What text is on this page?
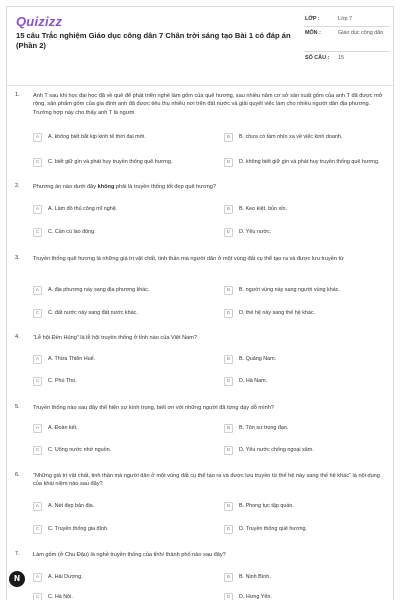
Quizizz
15 câu Trắc nghiệm Giáo dục công dân 7 Chân trời sáng tạo Bài 1 có đáp án (Phần 2)
LỚP :	Lớp 7
MÔN :	Giáo dục công dân
SỐ CÂU :	15
1. Anh T sau khi học đại học đã về quê để phát triển nghề làm gốm của quê hương, sau nhiều năm cơ sở sản xuất gốm của anh T đã được mở rộng, sản phẩm gốm của gia đình anh đã được tiêu thụ nhiều nơi trên đất nước và giải quyết việc làm cho nhiều người dân địa phương. Trường hợp này cho thấy anh T là người
A	A. không biết bắt kịp kinh tế thời đại mới.	B	B. chưa có tầm nhìn xa về việc kinh doanh.
C	C. biết giữ gìn và phát huy truyền thống quê hương.	D	D. không biết giữ gìn và phát huy truyền thống quê hương.
2. Phương án nào dưới đây không phải là truyền thống tốt đẹp quê hương?
A	A. Làm đồ thủ công mĩ nghệ.	B	B. Keo kiệt, bủn xỉn.
C	C. Cần cù lao động.	D	D. Yêu nước.
3. Truyền thống quê hương là những giá trị vật chất, tinh thần mà người dân ở một vùng đất cụ thể tạo ra và được lưu truyền từ
A	A. địa phương này sang địa phương khác.	B	B. người vùng này sang người vùng khác.
C	C. đất nước này sang đất nước khác.	D	D. thế hệ này sang thế hệ khác.
4. “Lễ hội Đền Hùng” là lễ hội truyền thống ở tỉnh nào của Việt Nam?
A	A. Thừa Thiên Huế.	B	B. Quảng Nam.
C	C. Phú Thọ.	D	D. Hà Nam.
5. Truyền thống nào sau đây thể hiện sự kính trọng, biết ơn với những người đã từng dạy dỗ mình?
A	A. Đoàn kết.	B	B. Tôn sư trọng đạo.
C	C. Uống nước nhớ nguồn.	D	D. Yêu nước chống ngoại xâm.
6. “Những giá trị vật chất, tinh thần mà người dân ở một vùng đất cụ thể tạo ra và được lưu truyền từ thế hệ này sang thế hệ khác” là nội dung của khái niệm nào sau đây?
A	A. Nét đẹp bản địa.	B	B. Phong tục tập quán.
C	C. Truyền thống gia đình.	D	D. Truyền thống quê hương.
7. Làm gốm (ở Chu Đậu) là nghề truyền thống của tỉnh/ thành phố nào sau đây?
A	A. Hải Dương.	B	B. Ninh Bình.
C	C. Hà Nội.	D	D. Hưng Yên.
N
